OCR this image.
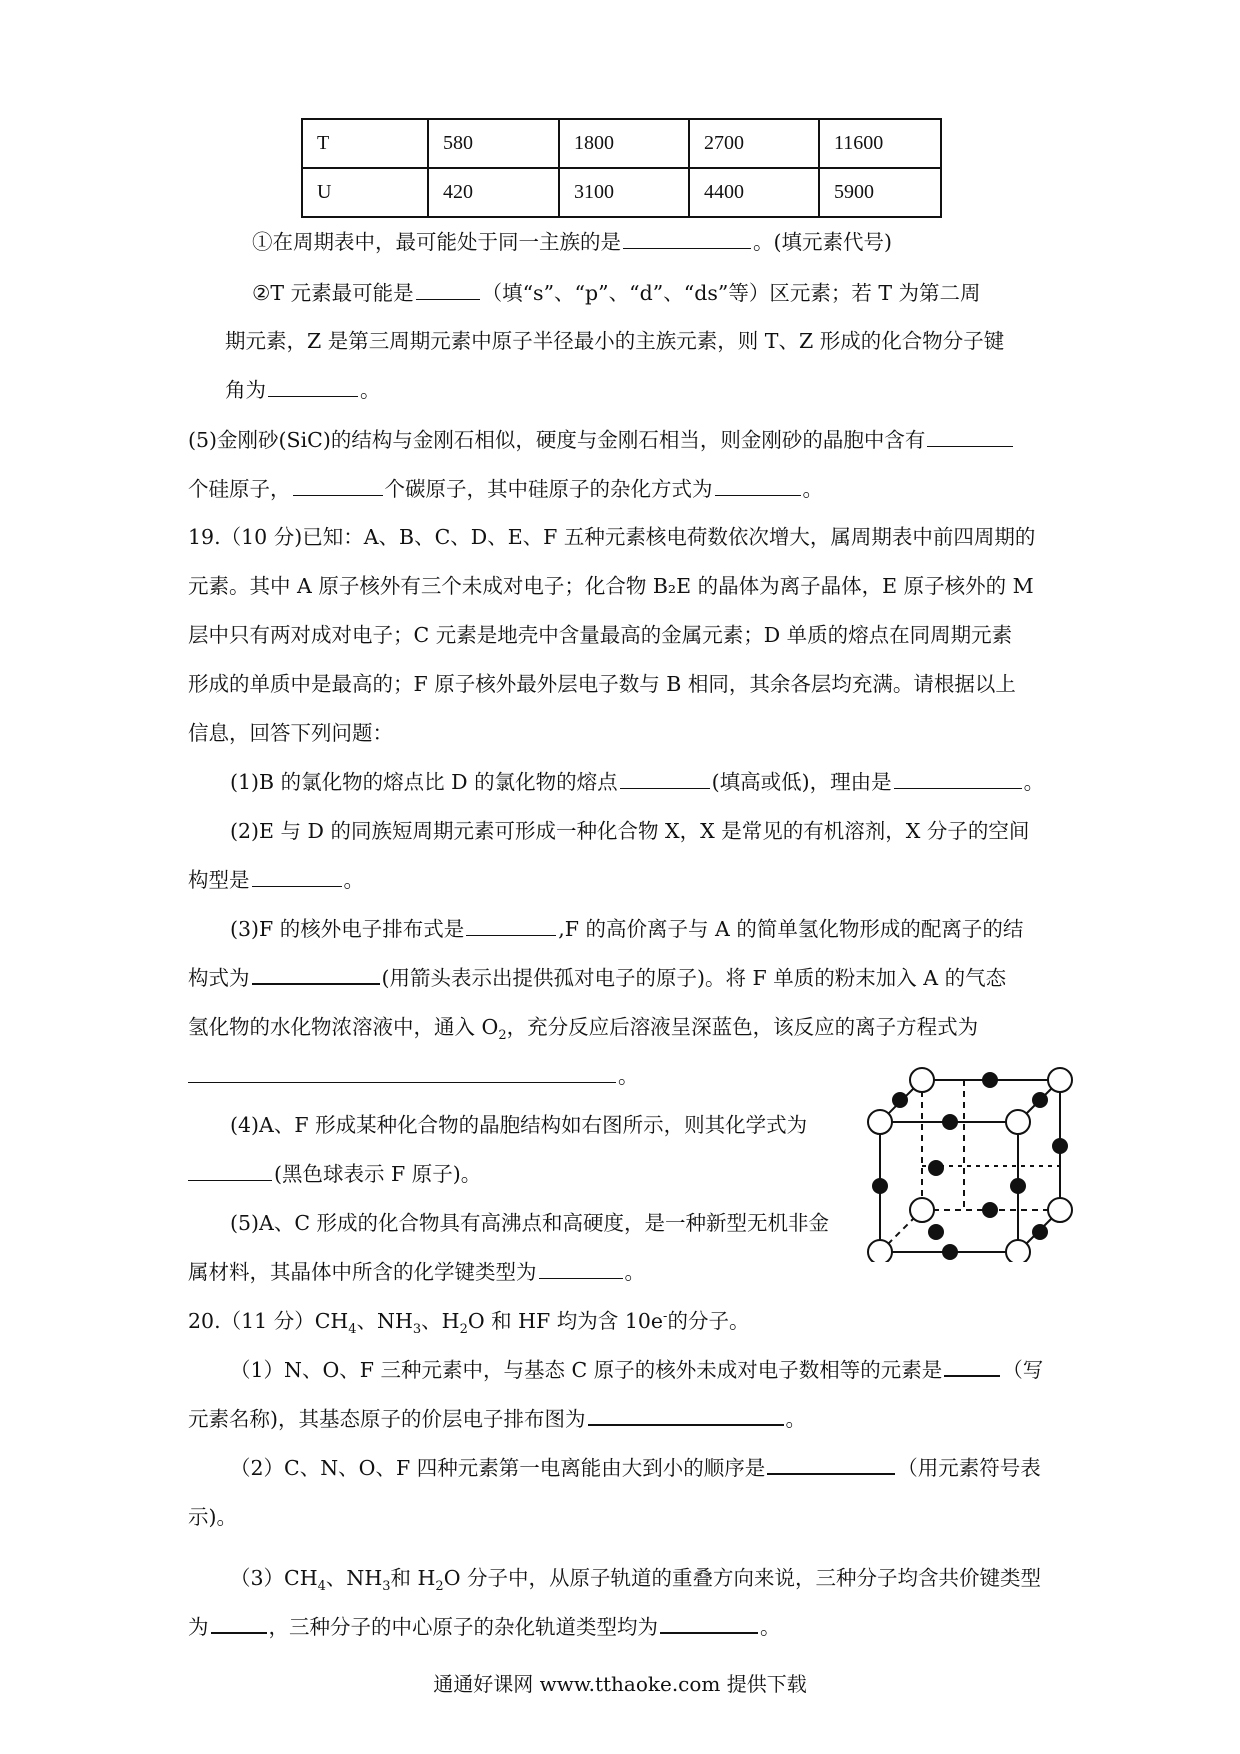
T	580	1800	2700	11600
U	420	3100	4400	5900
①在周期表中，最可能处于同一主族的是	。(填元素代号)
②T 元素最可能是	（填“s”、“p”、“d”、“ds”等）区元素；若 T 为第二周
期元素，Z 是第三周期元素中原子半径最小的主族元素，则 T、Z 形成的化合物分子键
角为	。
(5)金刚砂(SiC)的结构与金刚石相似，硬度与金刚石相当，则金刚砂的晶胞中含有
个硅原子，	个碳原子，其中硅原子的杂化方式为	。
19.（10 分)已知：A、B、C、D、E、F 五种元素核电荷数依次增大，属周期表中前四周期的
元素。其中 A 原子核外有三个未成对电子；化合物 B₂E 的晶体为离子晶体，E 原子核外的 M
层中只有两对成对电子；C 元素是地壳中含量最高的金属元素；D 单质的熔点在同周期元素
形成的单质中是最高的；F 原子核外最外层电子数与 B 相同，其余各层均充满。请根据以上
信息，回答下列问题：
(1)B 的氯化物的熔点比 D 的氯化物的熔点	(填高或低)，理由是	。
(2)E 与 D 的同族短周期元素可形成一种化合物 X，X 是常见的有机溶剂，X 分子的空间
构型是	。
(3)F 的核外电子排布式是	,F 的高价离子与 A 的简单氢化物形成的配离子的结
构式为	(用箭头表示出提供孤对电子的原子)。将 F 单质的粉末加入 A 的气态
氢化物的水化物浓溶液中，通入 $O_2$，充分反应后溶液呈深蓝色，该反应的离子方程式为
。
(4)A、F 形成某种化合物的晶胞结构如右图所示，则其化学式为
(黑色球表示 F 原子)。
(5)A、C 形成的化合物具有高沸点和高硬度，是一种新型无机非金
属材料，其晶体中所含的化学键类型为	。
20.（11 分）$CH_4$、$NH_3$、$H_2O$ 和 HF 均为含 10e-的分子。
（1）N、O、F 三种元素中，与基态 C 原子的核外未成对电子数相等的元素是	（写
元素名称)，其基态原子的价层电子排布图为	。
（2）C、N、O、F 四种元素第一电离能由大到小的顺序是	（用元素符号表
示)。
$(3)CH_4$、$NH_3$和 $H_2O$ 分子中，从原子轨道的重叠方向来说，三种分子均含共价键类型
为	，三种分子的中心原子的杂化轨道类型均为	。
通通好课网 www.tthaoke.com 提供下载
